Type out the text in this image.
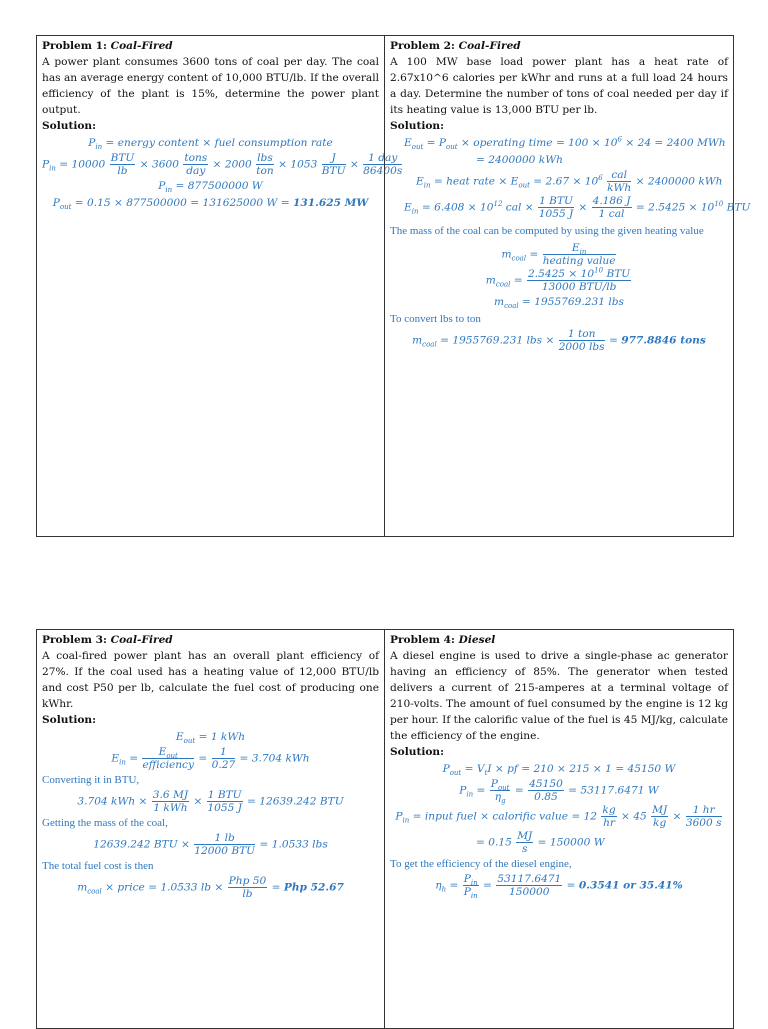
Problem 1: Coal-Fired
A power plant consumes 3600 tons of coal per day. The coal has an average energy content of 10,000 BTU/lb. If the overall efficiency of the plant is 15%, determine the power plant output.
Solution:
$P_{in}$ = energy content × fuel consumption rate
$P_{in} = 10000 \frac{\text{BTU}}{lb} \times 3600 \frac{\text{tons}}{\text{day}} \times 2000 \frac{\text{lbs}}{\text{ton}} \times 1053 \frac{J}{\text{BTU}} \times \frac{\text{1 day}}{86400s}$
$P_{in} = 877500000$ W
$P_{out} = 0.15 \times 877500000 = 131625000$ W = 131.625 MW
Problem 2: Coal-Fired
A 100 MW base load power plant has a heat rate of 2.67x10^6 calories per kWhr and runs at a full load 24 hours a day. Determine the number of tons of coal needed per day if its heating value is 13,000 BTU per lb.
Solution:
$E_{out} = P_{out}$ × operating time = $100 \times 10^6 \times 24 = 2400$ MWh
= 2400000 kWh
$E_{in}$ = heat rate × $E_{out} = 2.67 \times 10^6 \frac{\text{cal}}{\text{kWh}} \times 2400000$ kWh
$E_{in} = 6.408 \times 10^{12}$ cal × $\frac{\text{1 BTU}}{1055 J} \times \frac{4.186 J}{\text{1 cal}} = 2.5425 \times 10^{10}$ BTU
The mass of the coal can be computed by using the given heating value
$m_{coal} = \frac{E_{in}}{\text{heating value}}$
$m_{coal} = \frac{2.5425 \times 10^{10} BTU}{\text{13000 BTU/lb}}$
$m_{coal} = 1955769.231$ lbs
To convert lbs to ton
$m_{coal} = 1955769.231$ lbs × $\frac{\text{1 ton}}{\text{2000 lbs}} = 977.8846$ tons
Problem 3: Coal-Fired
A coal-fired power plant has an overall plant efficiency of 27%. If the coal used has a heating value of 12,000 BTU/lb and cost P50 per lb, calculate the fuel cost of producing one kWhr.
Solution:
$E_{out} = 1$ kWh
$E_{in} = \frac{E_{out}}{\text{efficiency}} = \frac{1}{0.27} = 3.704$ kWh
Converting it in BTU,
3.704 kWh × $\frac{3.6 MJ}{\text{1 kWh}} \times \frac{\text{1 BTU}}{1055 J} = 12639.242$ BTU
Getting the mass of the coal,
12639.242 BTU × $\frac{1 lb}{\text{12000 BTU}} = 1.0533$ lbs
The total fuel cost is then
$m_{coal}$ × price = 1.0533 lb × $\frac{\text{Php 50}}{lb}$ = Php 52.67
Problem 4: Diesel
A diesel engine is used to drive a single-phase ac generator having an efficiency of 85%. The generator when tested delivers a current of 215-amperes at a terminal voltage of 210-volts. The amount of fuel consumed by the engine is 12 kg per hour. If the calorific value of the fuel is 45 MJ/kg, calculate the efficiency of the engine.
Solution:
$P_{out} = V_tI$ × pf = 210 × 215 × 1 = 45150 W
$P_{in} = \frac{P_{out}}{\eta_g} = \frac{45150}{0.85} = 53117.6471$ W
$P_{in}$ = input fuel × calorific value = $12 \frac{kg}{hr} \times 45 \frac{MJ}{kg} \times \frac{1 hr}{3600 s}$
= $0.15 \frac{MJ}{s} = 150000$ W
To get the efficiency of the diesel engine,
$\eta_h = \frac{P_{in}}{P_{in}} = \frac{53117.6471}{150000} = 0.3541$ or 35.41%
